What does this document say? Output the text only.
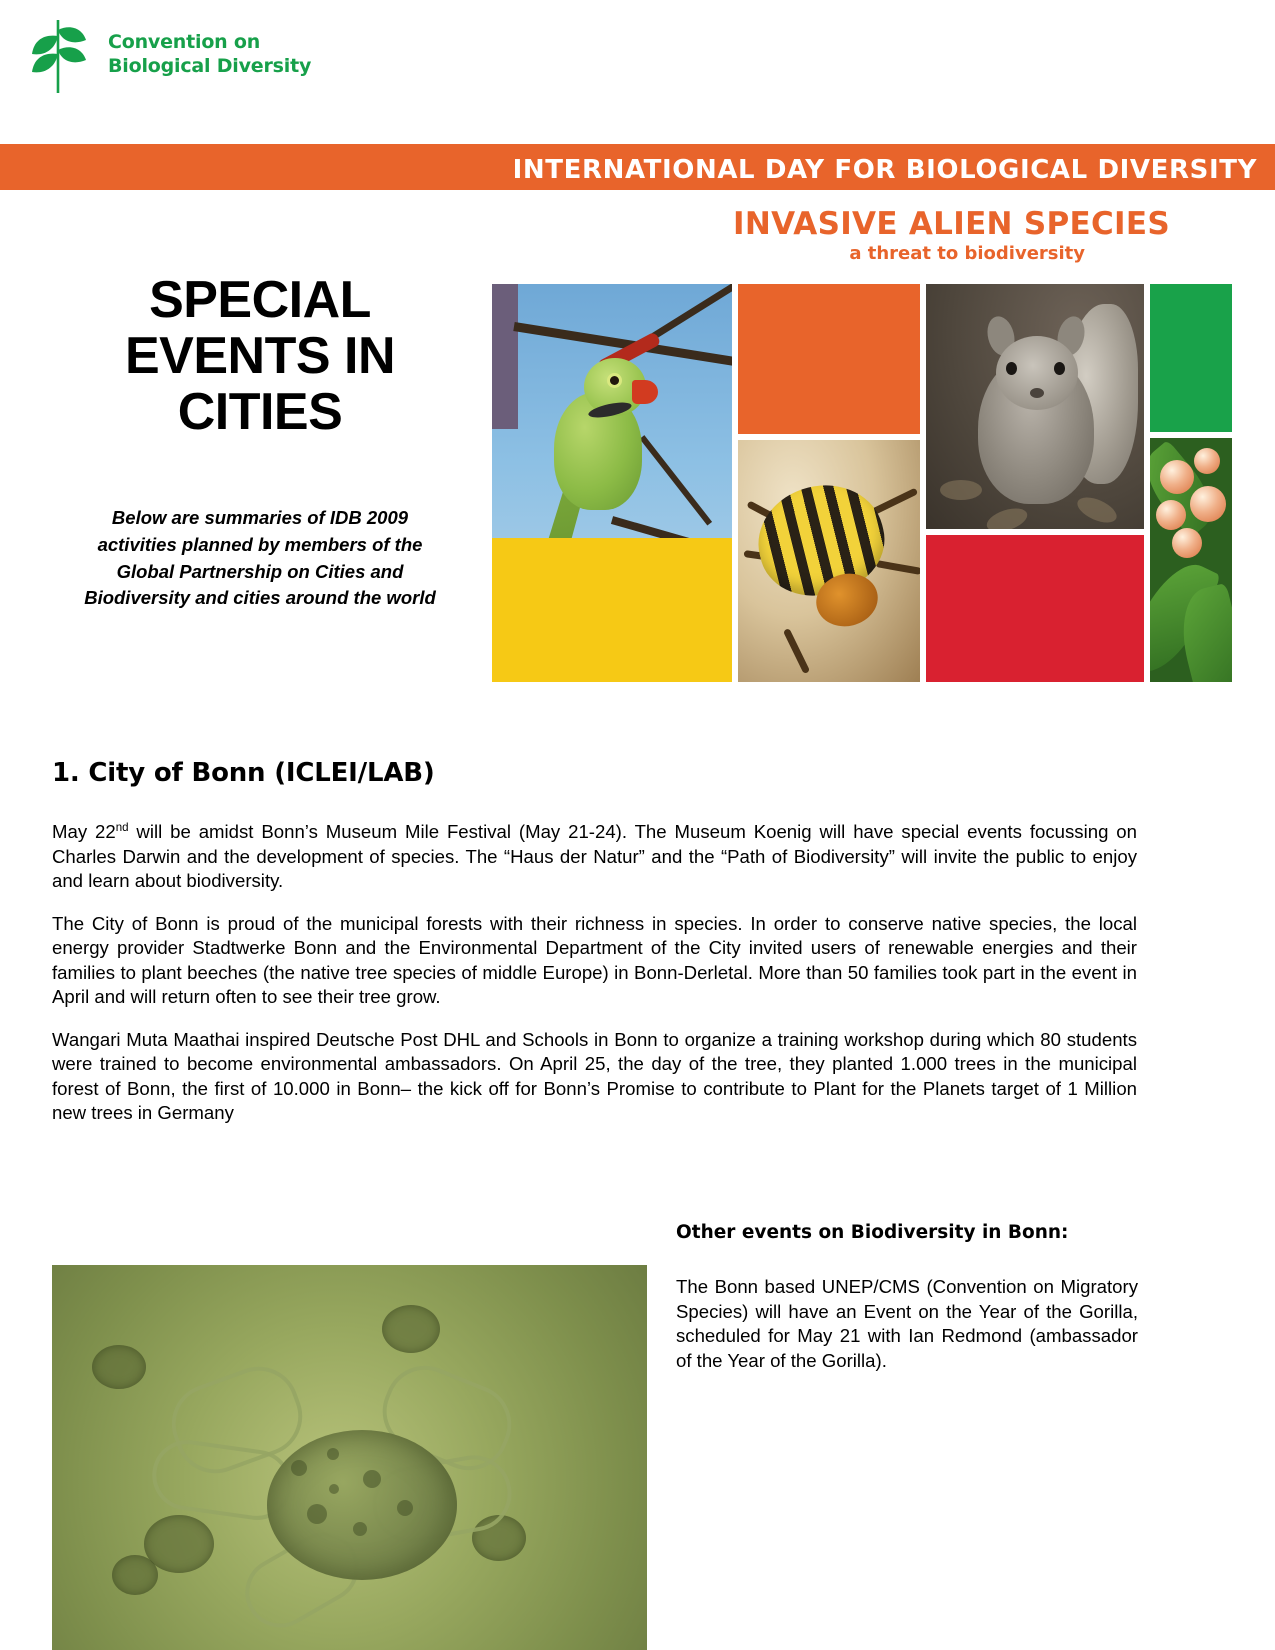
Convention on
Biological Diversity
INTERNATIONAL DAY FOR BIOLOGICAL DIVERSITY
INVASIVE ALIEN SPECIES
a threat to biodiversity
SPECIAL EVENTS IN CITIES
Below are summaries of IDB 2009 activities planned by members of the Global Partnership on Cities and Biodiversity and cities around the world
1. City of Bonn (ICLEI/LAB)

May 22nd will be amidst Bonn’s Museum Mile Festival (May 21-24). The Museum Koenig will have special events focussing on Charles Darwin and the development of species. The “Haus der Natur” and the “Path of Biodiversity” will invite the public to enjoy and learn about biodiversity.

The City of Bonn is proud of the municipal forests with their richness in species. In order to conserve native species, the local energy provider Stadtwerke Bonn and the Environmental Department of the City invited users of renewable energies and their families to plant beeches (the native tree species of middle Europe) in Bonn-Derletal. More than 50 families took part in the event in April and will return often to see their tree grow.

Wangari Muta Maathai inspired Deutsche Post DHL and Schools in Bonn to organize a training workshop during which 80 students were trained to become environmental ambassadors. On April 25, the day of the tree, they planted 1.000 trees in the municipal forest of Bonn, the first of 10.000 in Bonn– the kick off for Bonn’s Promise to contribute to Plant for the Planets target of 1 Million new trees in Germany

Other events on Biodiversity in Bonn:
The Bonn based UNEP/CMS (Convention on Migratory Species) will have an Event on the Year of the Gorilla, scheduled for May 21 with Ian Redmond (ambassador of the Year of the Gorilla).
